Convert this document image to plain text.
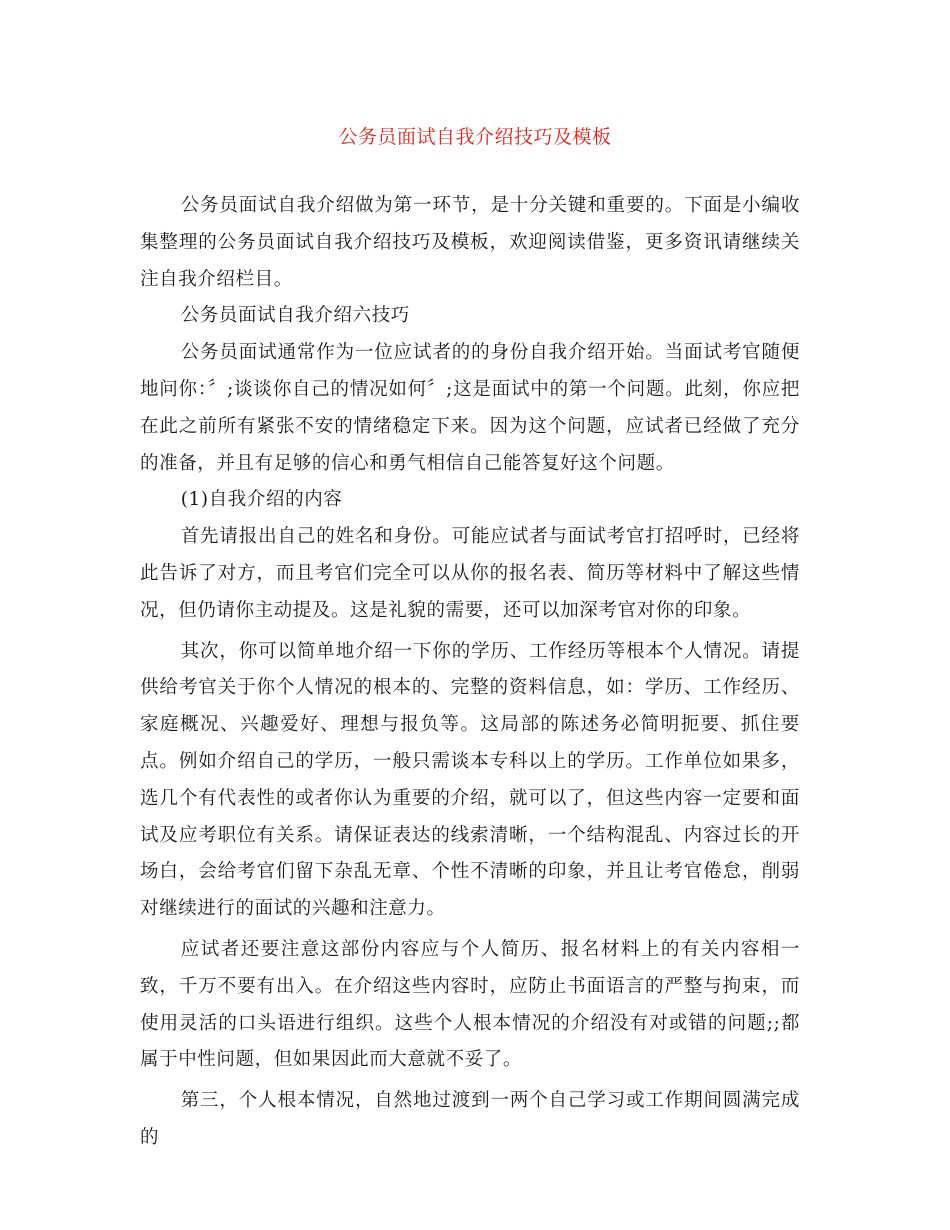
公务员面试自我介绍技巧及模板

公务员面试自我介绍做为第一环节，是十分关键和重要的。下面是小编收集整理的公务员面试自我介绍技巧及模板，欢迎阅读借鉴，更多资讯请继续关注自我介绍栏目。

公务员面试自我介绍六技巧

公务员面试通常作为一位应试者的的身份自我介绍开始。当面试考官随便地问你：〞;谈谈你自己的情况如何〞;这是面试中的第一个问题。此刻，你应把在此之前所有紧张不安的情绪稳定下来。因为这个问题，应试者已经做了充分的准备，并且有足够的信心和勇气相信自己能答复好这个问题。

(1)自我介绍的内容

首先请报出自己的姓名和身份。可能应试者与面试考官打招呼时，已经将此告诉了对方，而且考官们完全可以从你的报名表、简历等材料中了解这些情况，但仍请你主动提及。这是礼貌的需要，还可以加深考官对你的印象。

其次，你可以简单地介绍一下你的学历、工作经历等根本个人情况。请提供给考官关于你个人情况的根本的、完整的资料信息，如：学历、工作经历、家庭概况、兴趣爱好、理想与报负等。这局部的陈述务必简明扼要、抓住要点。例如介绍自己的学历，一般只需谈本专科以上的学历。工作单位如果多，选几个有代表性的或者你认为重要的介绍，就可以了，但这些内容一定要和面试及应考职位有关系。请保证表达的线索清晰，一个结构混乱、内容过长的开场白，会给考官们留下杂乱无章、个性不清晰的印象，并且让考官倦怠，削弱对继续进行的面试的兴趣和注意力。

应试者还要注意这部份内容应与个人简历、报名材料上的有关内容相一致，千万不要有出入。在介绍这些内容时，应防止书面语言的严整与拘束，而使用灵活的口头语进行组织。这些个人根本情况的介绍没有对或错的问题;;都属于中性问题，但如果因此而大意就不妥了。

第三，个人根本情况，自然地过渡到一两个自己学习或工作期间圆满完成的
